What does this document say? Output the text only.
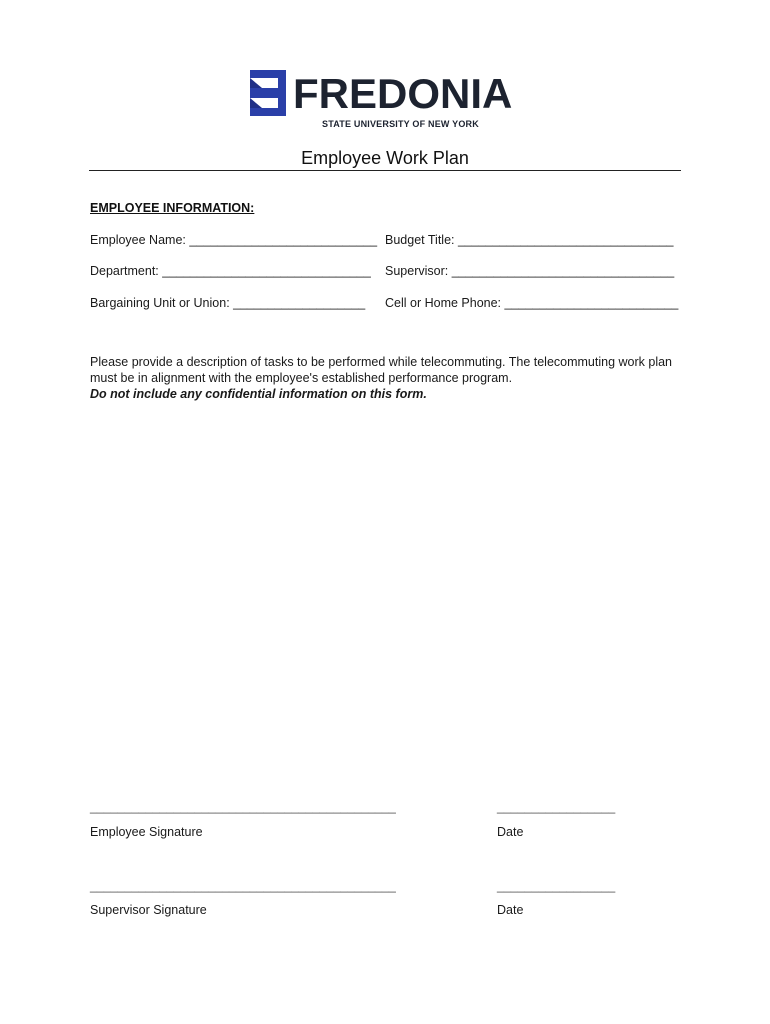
FREDONIA
STATE UNIVERSITY OF NEW YORK
Employee Work Plan
EMPLOYEE INFORMATION:
Employee Name: ___________________________ Budget Title: _______________________________
Department: ______________________________ Supervisor: ________________________________
Bargaining Unit or Union: ___________________ Cell or Home Phone: _________________________
Please provide a description of tasks to be performed while telecommuting. The telecommuting work plan must be in alignment with the employee's established performance program.
Do not include any confidential information on this form.
____________________________________________	_________________
Employee Signature	Date
____________________________________________	_________________
Supervisor Signature	Date
